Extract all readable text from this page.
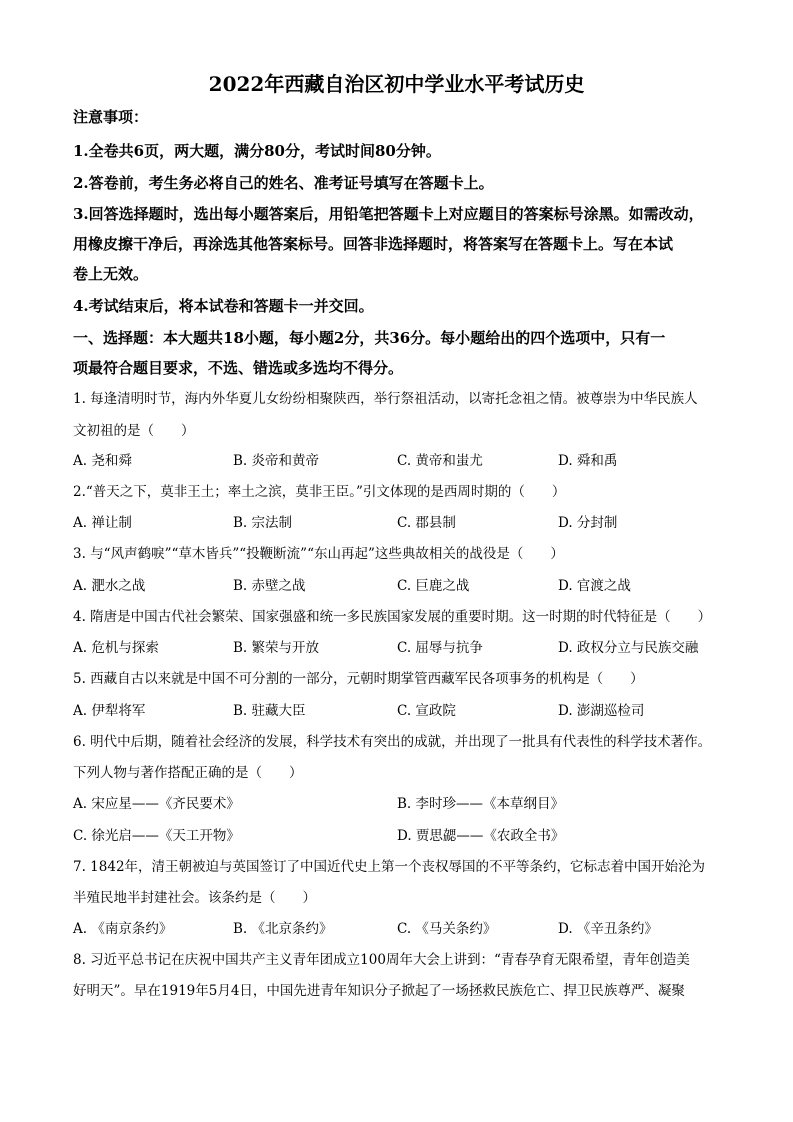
2022年西藏自治区初中学业水平考试历史
注意事项：
1.全卷共6页，两大题，满分80分，考试时间80分钟。
2.答卷前，考生务必将自己的姓名、准考证号填写在答题卡上。
3.回答选择题时，选出每小题答案后，用铅笔把答题卡上对应题目的答案标号涂黑。如需改动，
用橡皮擦干净后，再涂选其他答案标号。回答非选择题时，将答案写在答题卡上。写在本试
卷上无效。
4.考试结束后，将本试卷和答题卡一并交回。
一、选择题：本大题共18小题，每小题2分，共36分。每小题给出的四个选项中，只有一
项最符合题目要求，不选、错选或多选均不得分。
1. 每逢清明时节，海内外华夏儿女纷纷相聚陕西，举行祭祖活动，以寄托念祖之情。被尊崇为中华民族人
文初祖的是（　　）
A. 尧和舜	B. 炎帝和黄帝	C. 黄帝和蚩尤	D. 舜和禹
2.“普天之下，莫非王土；率土之滨，莫非王臣。”引文体现的是西周时期的（　　）
A. 禅让制	B. 宗法制	C. 郡县制	D. 分封制
3. 与“风声鹤唳”“草木皆兵”“投鞭断流”“东山再起”这些典故相关的战役是（　　）
A. 淝水之战	B. 赤壁之战	C. 巨鹿之战	D. 官渡之战
4. 隋唐是中国古代社会繁荣、国家强盛和统一多民族国家发展的重要时期。这一时期的时代特征是（　　）
A. 危机与探索	B. 繁荣与开放	C. 屈辱与抗争	D. 政权分立与民族交融
5. 西藏自古以来就是中国不可分割的一部分，元朝时期掌管西藏军民各项事务的机构是（　　）
A. 伊犁将军	B. 驻藏大臣	C. 宣政院	D. 澎湖巡检司
6. 明代中后期，随着社会经济的发展，科学技术有突出的成就，并出现了一批具有代表性的科学技术著作。
下列人物与著作搭配正确的是（　　）
A. 宋应星——《齐民要术》	B. 李时珍——《本草纲目》
C. 徐光启——《天工开物》	D. 贾思勰——《农政全书》
7. 1842年，清王朝被迫与英国签订了中国近代史上第一个丧权辱国的不平等条约，它标志着中国开始沦为
半殖民地半封建社会。该条约是（　　）
A. 《南京条约》	B. 《北京条约》	C. 《马关条约》	D. 《辛丑条约》
8. 习近平总书记在庆祝中国共产主义青年团成立100周年大会上讲到：“青春孕育无限希望，青年创造美
好明天”。早在1919年5月4日，中国先进青年知识分子掀起了一场拯救民族危亡、捍卫民族尊严、凝聚
